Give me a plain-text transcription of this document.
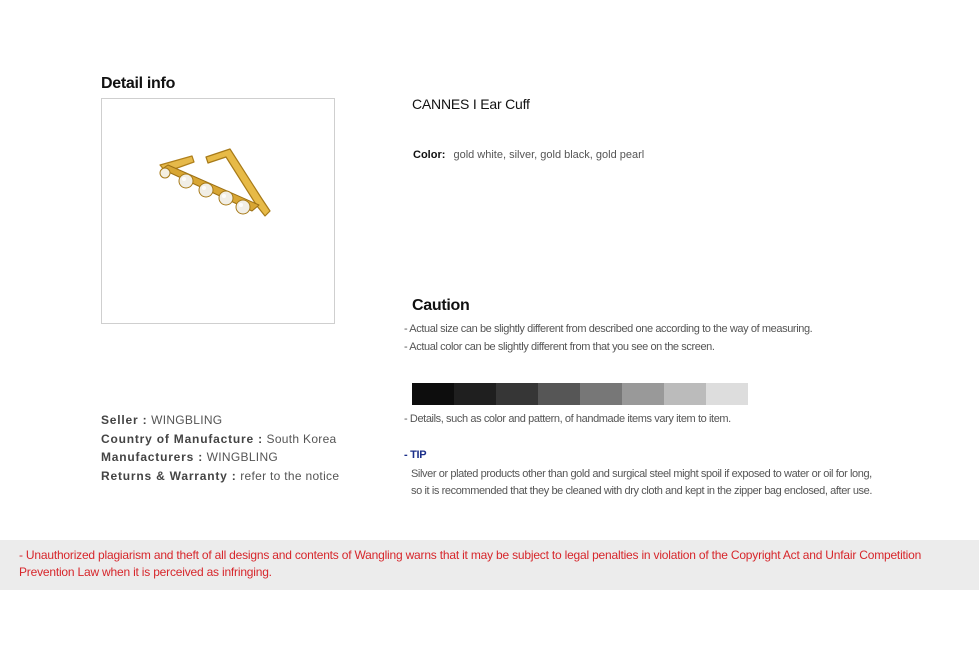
Detail info
CANNES I Ear Cuff
Color: gold white, silver, gold black, gold pearl
Caution
- Actual size can be slightly different from described one according to the way of measuring.
- Actual color can be slightly different from that you see on the screen.
- Details, such as color and pattern, of handmade items vary item to item.
Seller : WINGBLING
Country of Manufacture : South Korea
Manufacturers : WINGBLING
Returns & Warranty : refer to the notice
- TIP
Silver or plated products other than gold and surgical steel might spoil if exposed to water or oil for long,
so it is recommended that they be cleaned with dry cloth and kept in the zipper bag enclosed, after use.
- Unauthorized plagiarism and theft of all designs and contents of Wangling warns that it may be subject to legal penalties in violation of the Copyright Act and Unfair Competition Prevention Law when it is perceived as infringing.
